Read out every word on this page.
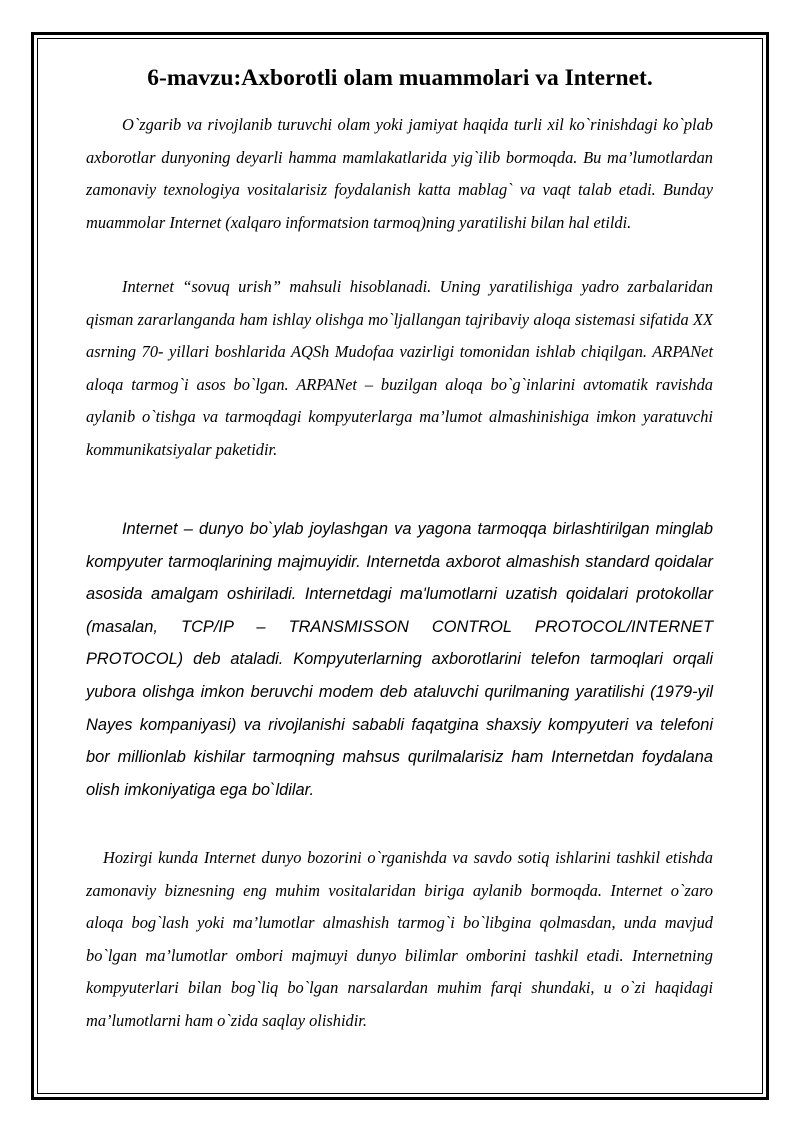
6-mavzu:Axborotli olam muammolari va Internet.

O`zgarib va rivojlanib turuvchi olam yoki jamiyat haqida turli xil ko`rinishdagi ko`plab axborotlar dunyoning deyarli hamma mamlakatlarida yig`ilib bormoqda. Bu ma’lumotlardan zamonaviy texnologiya vositalarisiz foydalanish katta mablag` va vaqt talab etadi. Bunday muammolar Internet (xalqaro informatsion tarmoq)ning yaratilishi bilan hal etildi.

Internet “sovuq urish” mahsuli hisoblanadi. Uning yaratilishiga yadro zarbalaridan qisman zararlanganda ham ishlay olishga mo`ljallangan tajribaviy aloqa sistemasi sifatida XX asrning 70- yillari boshlarida AQSh Mudofaa vazirligi tomonidan ishlab chiqilgan. ARPANet aloqa tarmog`i asos bo`lgan. ARPANet – buzilgan aloqa bo`g`inlarini avtomatik ravishda aylanib o`tishga va tarmoqdagi kompyuterlarga ma’lumot almashinishiga imkon yaratuvchi kommunikatsiyalar paketidir.

Internet – dunyo bo`ylab joylashgan va yagona tarmoqqa birlashtirilgan minglab kompyuter tarmoqlarining majmuyidir. Internetda axborot almashish standard qoidalar asosida amalgam oshiriladi. Internetdagi ma'lumotlarni uzatish qoidalari protokollar (masalan, TCP/IP – TRANSMISSON CONTROL PROTOCOL/INTERNET PROTOCOL) deb ataladi. Kompyuterlarning axborotlarini telefon tarmoqlari orqali yubora olishga imkon beruvchi modem deb ataluvchi qurilmaning yaratilishi (1979-yil Nayes kompaniyasi) va rivojlanishi sababli faqatgina shaxsiy kompyuteri va telefoni bor millionlab kishilar tarmoqning mahsus qurilmalarisiz ham Internetdan foydalana olish imkoniyatiga ega bo`ldilar.

Hozirgi kunda Internet dunyo bozorini o`rganishda va savdo sotiq ishlarini tashkil etishda zamonaviy biznesning eng muhim vositalaridan biriga aylanib bormoqda. Internet o`zaro aloqa bog`lash yoki ma’lumotlar almashish tarmog`i bo`libgina qolmasdan, unda mavjud bo`lgan ma’lumotlar ombori majmuyi dunyo bilimlar omborini tashkil etadi. Internetning kompyuterlari bilan bog`liq bo`lgan narsalardan muhim farqi shundaki, u o`zi haqidagi ma’lumotlarni ham o`zida saqlay olishidir.
